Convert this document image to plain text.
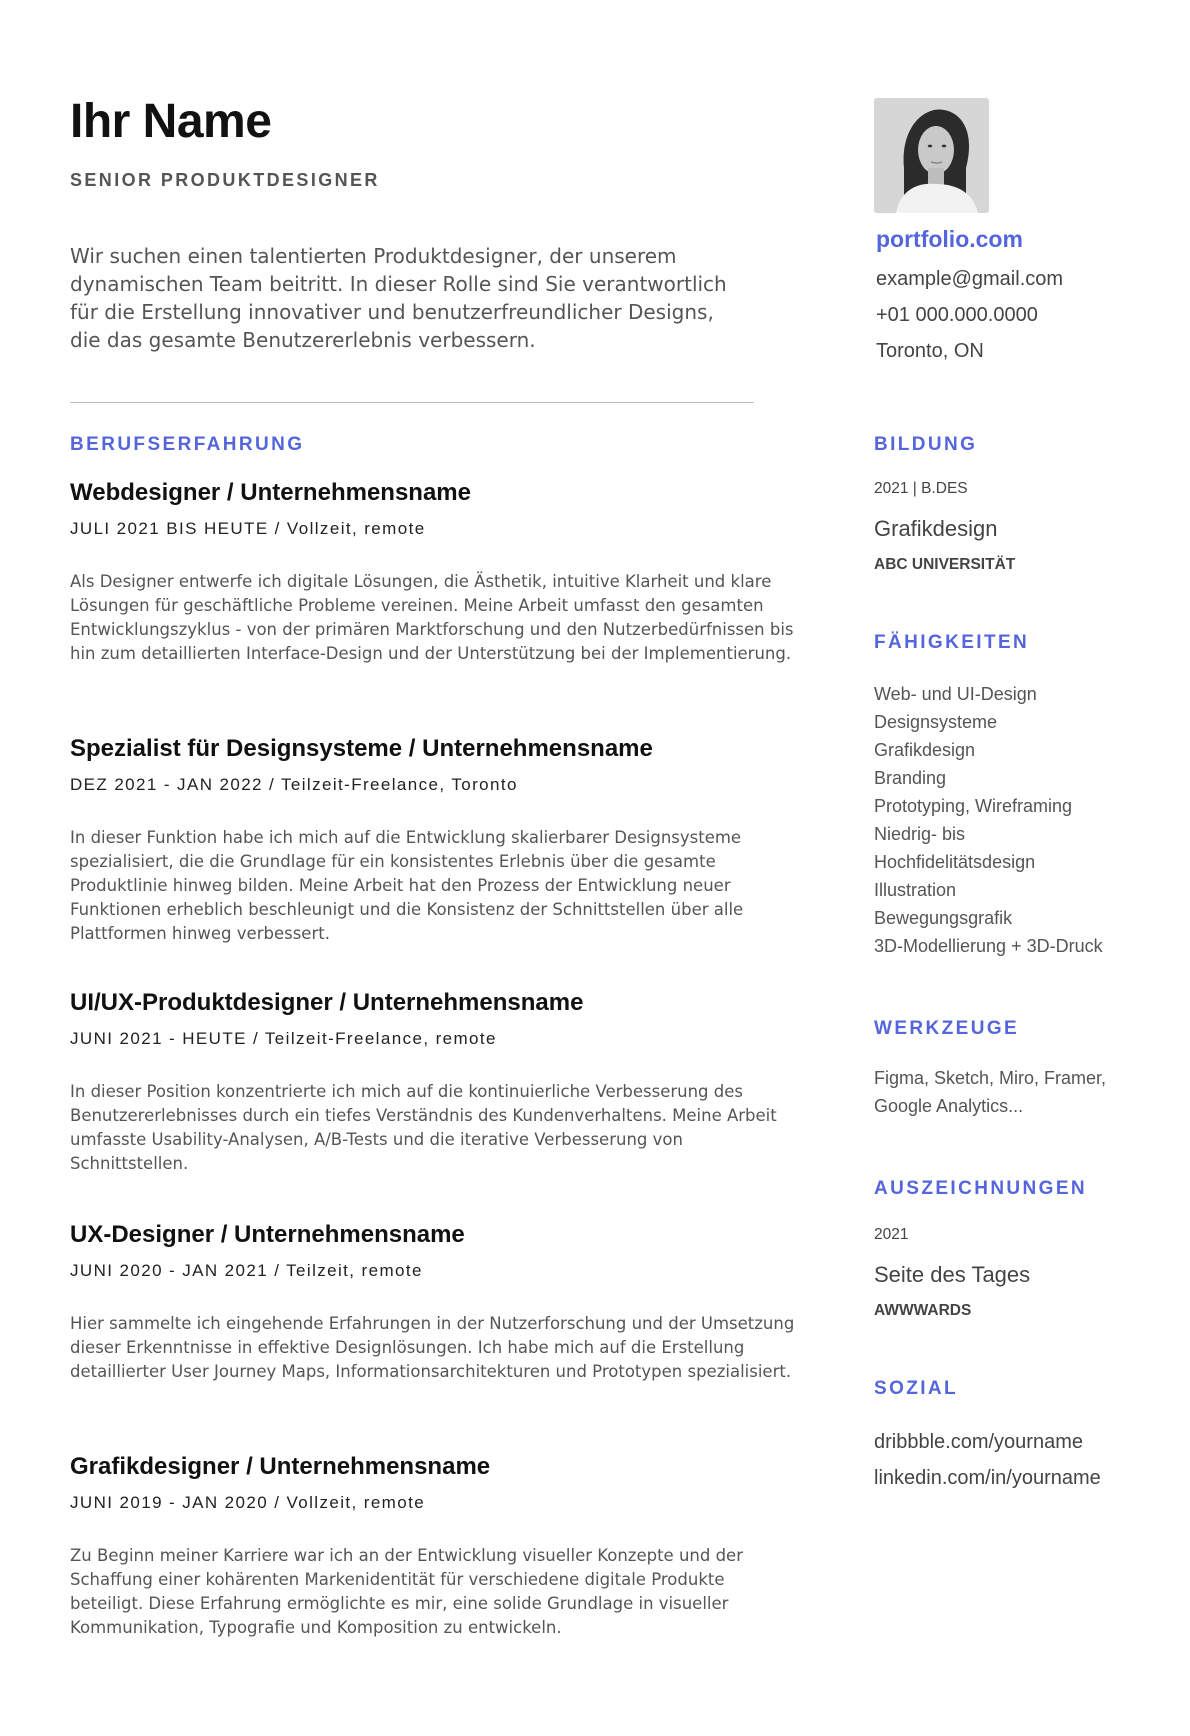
Ihr Name
SENIOR PRODUKTDESIGNER

Wir suchen einen talentierten Produktdesigner, der unserem dynamischen Team beitritt. In dieser Rolle sind Sie verantwortlich für die Erstellung innovativer und benutzerfreundlicher Designs, die das gesamte Benutzererlebnis verbessern.

BERUFSERFAHRUNG
Webdesigner / Unternehmensname
JULI 2021 BIS HEUTE / Vollzeit, remote
Als Designer entwerfe ich digitale Lösungen, die Ästhetik, intuitive Klarheit und klare Lösungen für geschäftliche Probleme vereinen. Meine Arbeit umfasst den gesamten Entwicklungszyklus - von der primären Marktforschung und den Nutzerbedürfnissen bis hin zum detaillierten Interface-Design und der Unterstützung bei der Implementierung.
Spezialist für Designsysteme / Unternehmensname
DEZ 2021 - JAN 2022 / Teilzeit-Freelance, Toronto
In dieser Funktion habe ich mich auf die Entwicklung skalierbarer Designsysteme spezialisiert, die die Grundlage für ein konsistentes Erlebnis über die gesamte Produktlinie hinweg bilden. Meine Arbeit hat den Prozess der Entwicklung neuer Funktionen erheblich beschleunigt und die Konsistenz der Schnittstellen über alle Plattformen hinweg verbessert.
UI/UX-Produktdesigner / Unternehmensname
JUNI 2021 - HEUTE / Teilzeit-Freelance, remote
In dieser Position konzentrierte ich mich auf die kontinuierliche Verbesserung des Benutzererlebnisses durch ein tiefes Verständnis des Kundenverhaltens. Meine Arbeit umfasste Usability-Analysen, A/B-Tests und die iterative Verbesserung von Schnittstellen.
UX-Designer / Unternehmensname
JUNI 2020 - JAN 2021 / Teilzeit, remote
Hier sammelte ich eingehende Erfahrungen in der Nutzerforschung und der Umsetzung dieser Erkenntnisse in effektive Designlösungen. Ich habe mich auf die Erstellung detaillierter User Journey Maps, Informationsarchitekturen und Prototypen spezialisiert.
Grafikdesigner / Unternehmensname
JUNI 2019 - JAN 2020 / Vollzeit, remote
Zu Beginn meiner Karriere war ich an der Entwicklung visueller Konzepte und der Schaffung einer kohärenten Markenidentität für verschiedene digitale Produkte beteiligt. Diese Erfahrung ermöglichte es mir, eine solide Grundlage in visueller Kommunikation, Typografie und Komposition zu entwickeln.
portfolio.com
example@gmail.com
+01 000.000.0000
Toronto, ON
BILDUNG
2021 | B.DES
Grafikdesign
ABC UNIVERSITÄT
FÄHIGKEITEN
Web- und UI-Design
Designsysteme
Grafikdesign
Branding
Prototyping, Wireframing
Niedrig- bis
Hochfidelitätsdesign
Illustration
Bewegungsgrafik
3D-Modellierung + 3D-Druck
WERKZEUGE
Figma, Sketch, Miro, Framer, Google Analytics...
AUSZEICHNUNGEN
2021
Seite des Tages
AWWWARDS
SOZIAL
dribbble.com/yourname
linkedin.com/in/yourname
